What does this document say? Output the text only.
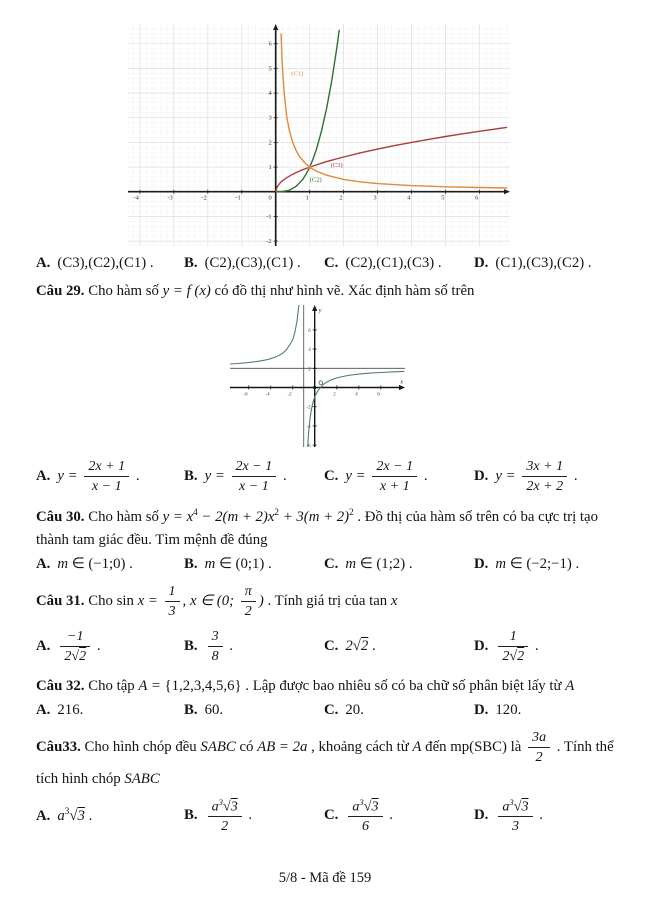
-4	-3	-2	-1	1	2	3	4	5	6
-2
-1
1
2
3
4
5
6
0
(C1)
(C2)
(C3)
A. (C3),(C2),(C1) .	B. (C2),(C3),(C1) .	C. (C2),(C1),(C3) .	D. (C1),(C3),(C2) .

Câu 29. Cho hàm số y = f (x) có đồ thị như hình vẽ. Xác định hàm số trên

-6	-4	-2	2	4	6
-6
-4
-2
2
4
6
x
y
A. $y = \frac{2x + 1}{x - 1}$ .	B. $y = \frac{2x - 1}{x - 1}$ .	C. $y = \frac{2x - 1}{x + 1}$ .	D. $y = \frac{3x + 1}{2x + 2}$ .

Câu 30. Cho hàm số $y = x^4 - 2(m + 2)x^2 + 3(m + 2)^2$ . Đồ thị của hàm số trên có ba cực trị tạo thành tam giác đều. Tìm mệnh đề đúng

A. m ∈ (−1;0) .	B. m ∈ (0;1) .	C. m ∈ (1;2) .	D. m ∈ (−2;−1) .

Câu 31. Cho $\sin x = \frac{1}{3}$ , x ∈ (0; $\frac{\pi}{2}$ ) . Tính giá trị của tan x

A. $\frac{-1}{2√2}$ .	B. $\frac{3}{8}$ .	C. 2√2 .	D. $\frac{1}{2√2}$ .

Câu 32. Cho tập A = {1,2,3,4,5,6} . Lập được bao nhiêu số có ba chữ số phân biệt lấy từ A

A. 216.	B. 60.	C. 20.	D. 120.

Câu33. Cho hình chóp đều SABC có AB = 2a , khoảng cách từ A đến mp(SBC) là $\frac{3a}{2}$ . Tính thể tích hình chóp SABC

A. $a^3√3$ .	B. $\frac{a^3√3}{2}$ .	C. $\frac{a^3√3}{6}$ .	D. $\frac{a^3√3}{3}$ .
5/8 - Mã đề 159
